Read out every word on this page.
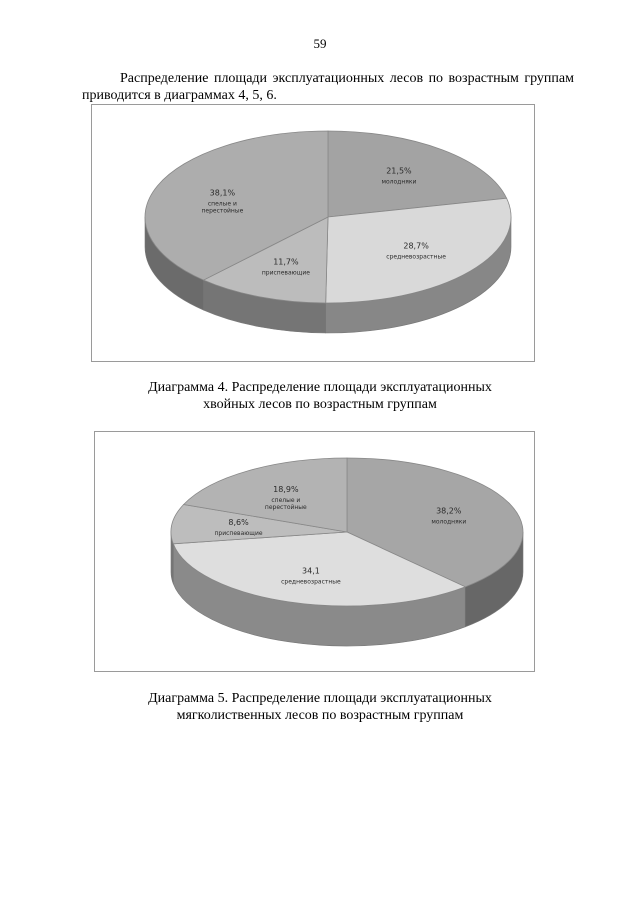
59
Распределение площади эксплуатационных лесов по возрастным группам приводится в диаграммах 4, 5, 6.
21,5%
молодняки
28,7%
средневозрастные
11,7%
приспевающие
38,1%
спелые и перестойные
Диаграмма 4. Распределение площади эксплуатационных
хвойных лесов по возрастным группам
38,2%
молодняки
34,1
средневозрастные
8,6%
приспевающие
18,9%
спелые и перестойные
Диаграмма 5. Распределение площади эксплуатационных
мягколиственных лесов по возрастным группам
